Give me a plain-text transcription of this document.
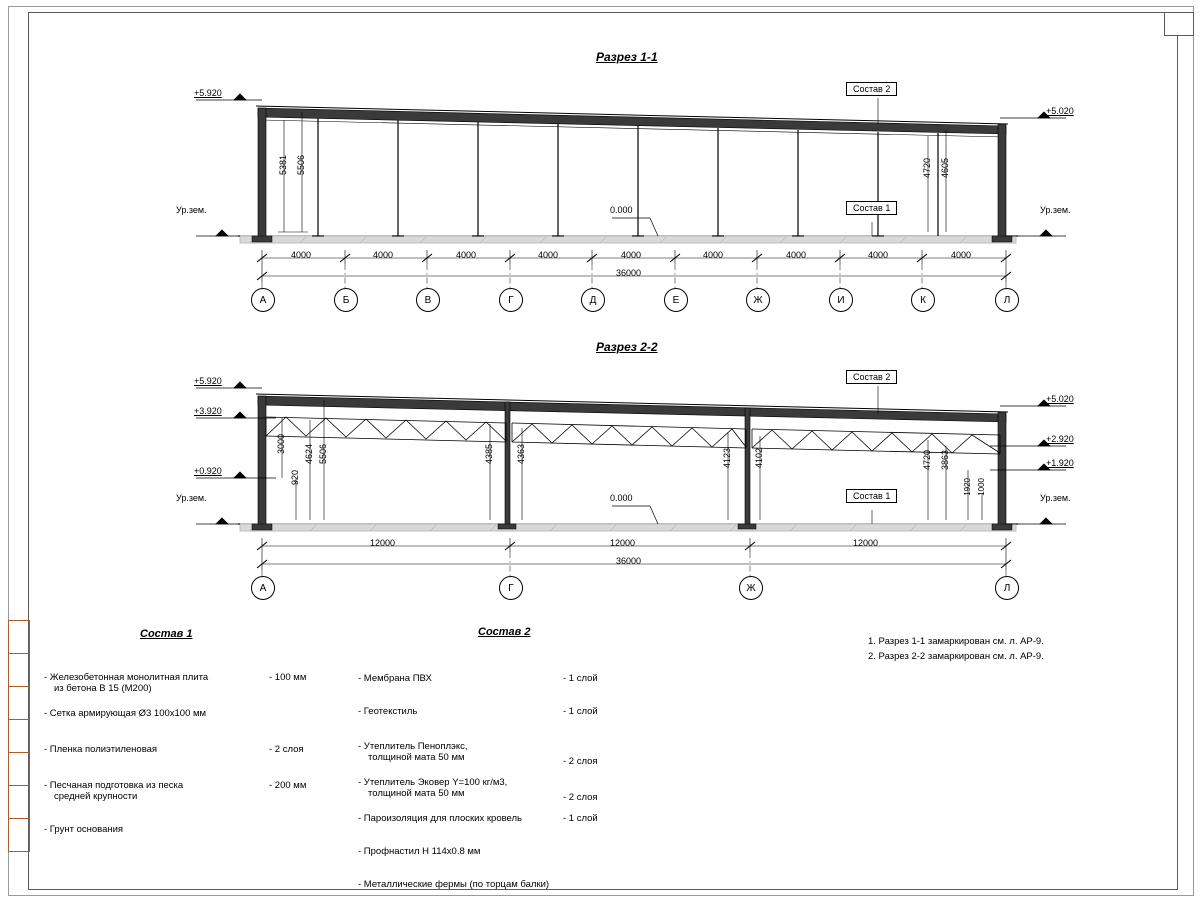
Разрез 1-1
+5.920
Ур.зем.
+5.020
Ур.зем.
0.000
5381 5506	4720 4605
Состав 2
Состав 1
4000	4000	4000	4000	4000	4000	4000	4000	4000
36000
А	Б	В	Г	Д	Е	Ж	И	К	Л
Разрез 2-2
+5.920
+3.920
+0.920
Ур.зем.
+5.020
+2.920
+1.920
Ур.зем.
0.000
3000
920
4624 5506	4385 4363	4123 4102	4720 3863
1920 1000
Состав 2
Состав 1
12000	12000	12000
36000
А	Г	Ж	Л
Состав 1
- Железобетонная монолитная плита	- 100 мм
из бетона В 15 (М200)
- Сетка армирующая Ø3 100х100 мм
- Пленка полиэтиленовая	- 2 слоя
- Песчаная подготовка из песка	- 200 мм
средней крупности
- Грунт основания
Состав 2
- Мембрана ПВХ	- 1 слой
- Геотекстиль	- 1 слой
- Утеплитель Пеноплэкс,
толщиной мата 50 мм	- 2 слоя
- Утеплитель Эковер Y=100 кг/м3,
толщиной мата 50 мм	- 2 слоя
- Пароизоляция для плоских кровель	- 1 слой
- Профнастил Н 114х0.8 мм
- Металлические фермы (по торцам балки)
1. Разрез 1-1 замаркирован см. л. АР-9.
2. Разрез 2-2 замаркирован см. л. АР-9.
